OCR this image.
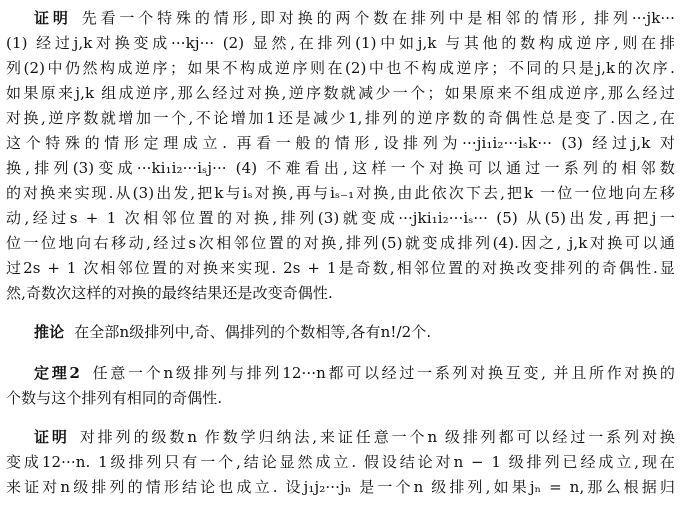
证明 先看一个特殊的情形,即对换的两个数在排列中是相邻的情形, 排列···jk···
(1) 经过j,k对换变成···kj··· (2) 显然,在排列(1)中如j,k 与其他的数构成逆序,则在排
列(2)中仍然构成逆序；如果不构成逆序则在(2)中也不构成逆序；不同的只是j,k的次序.
如果原来j,k 组成逆序,那么经过对换,逆序数就减少一个；如果原来不组成逆序,那么经过
对换,逆序数就增加一个,不论增加1还是减少1,排列的逆序数的奇偶性总是变了.因之,在
这个特殊的情形定理成立. 再看一般的情形,设排列为···ji₁i₂···iₛk··· (3) 经过j,k 对
换,排列(3)变成···ki₁i₂···iₛj··· (4) 不难看出,这样一个对换可以通过一系列的相邻数
的对换来实现.从(3)出发,把k与iₛ对换,再与iₛ₋₁对换,由此依次下去,把k 一位一位地向左移
动,经过s + 1 次相邻位置的对换,排列(3)就变成···jki₁i₂···iₛ··· (5) 从(5)出发,再把j一
位一位地向右移动,经过s次相邻位置的对换,排列(5)就变成排列(4).因之, j,k对换可以通
过2s + 1 次相邻位置的对换来实现. 2s + 1是奇数,相邻位置的对换改变排列的奇偶性.显
然,奇数次这样的对换的最终结果还是改变奇偶性.
推论 在全部n级排列中,奇、偶排列的个数相等,各有n!/2个.
定理2 任意一个n级排列与排列12···n都可以经过一系列对换互变, 并且所作对换的
个数与这个排列有相同的奇偶性.
证明 对排列的级数n 作数学归纳法,来证任意一个n 级排列都可以经过一系列对换
变成12···n. 1级排列只有一个,结论显然成立. 假设结论对n − 1 级排列已经成立,现在
来证对n级排列的情形结论也成立. 设j₁j₂···jₙ 是一个n 级排列,如果jₙ = n,那么根据归
